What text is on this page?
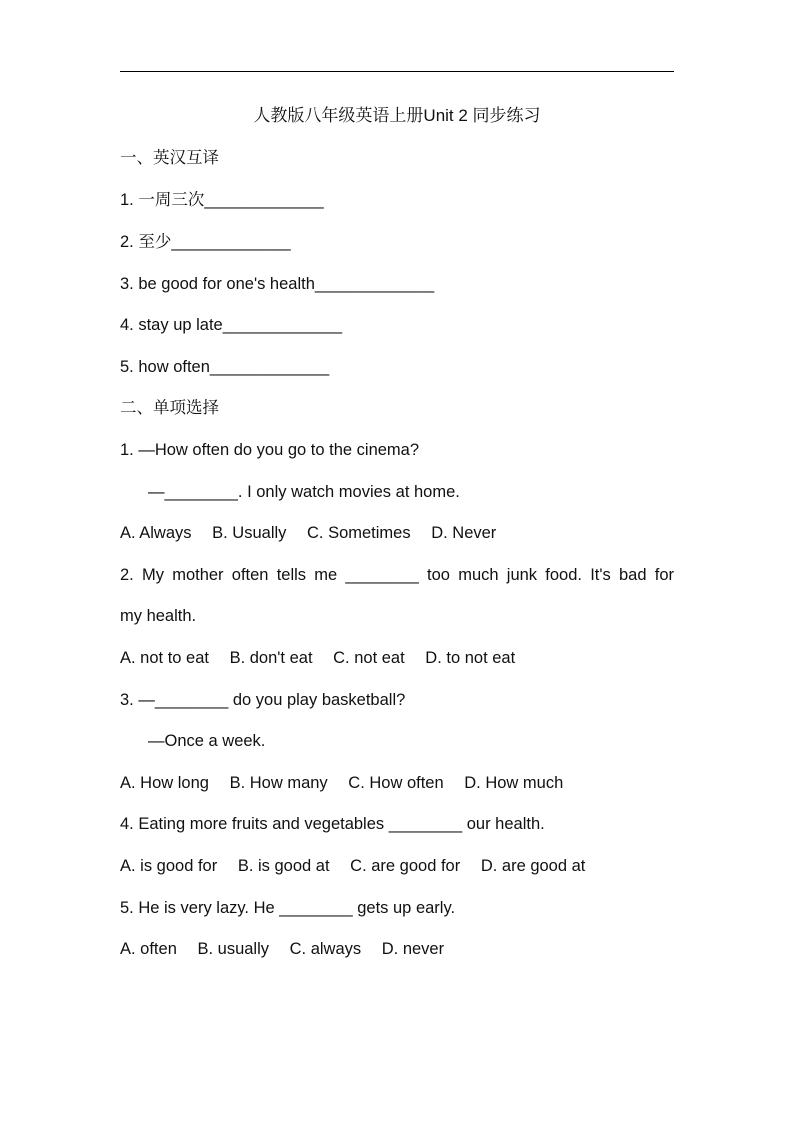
人教版八年级英语上册Unit 2 同步练习
一、英汉互译
1. 一周三次_____________
2. 至少_____________
3. be good for one's health_____________
4. stay up late_____________
5. how often_____________
二、单项选择
1. —How often do you go to the cinema?
—________. I only watch movies at home.
A. Always B. Usually C. Sometimes D. Never
2. My mother often tells me ________ too much junk food. It's bad for
my health.
A. not to eat B. don't eat C. not eat D. to not eat
3. —________ do you play basketball?
—Once a week.
A. How long B. How many C. How often D. How much
4. Eating more fruits and vegetables ________ our health.
A. is good for B. is good at C. are good for D. are good at
5. He is very lazy. He ________ gets up early.
A. often B. usually C. always D. never
